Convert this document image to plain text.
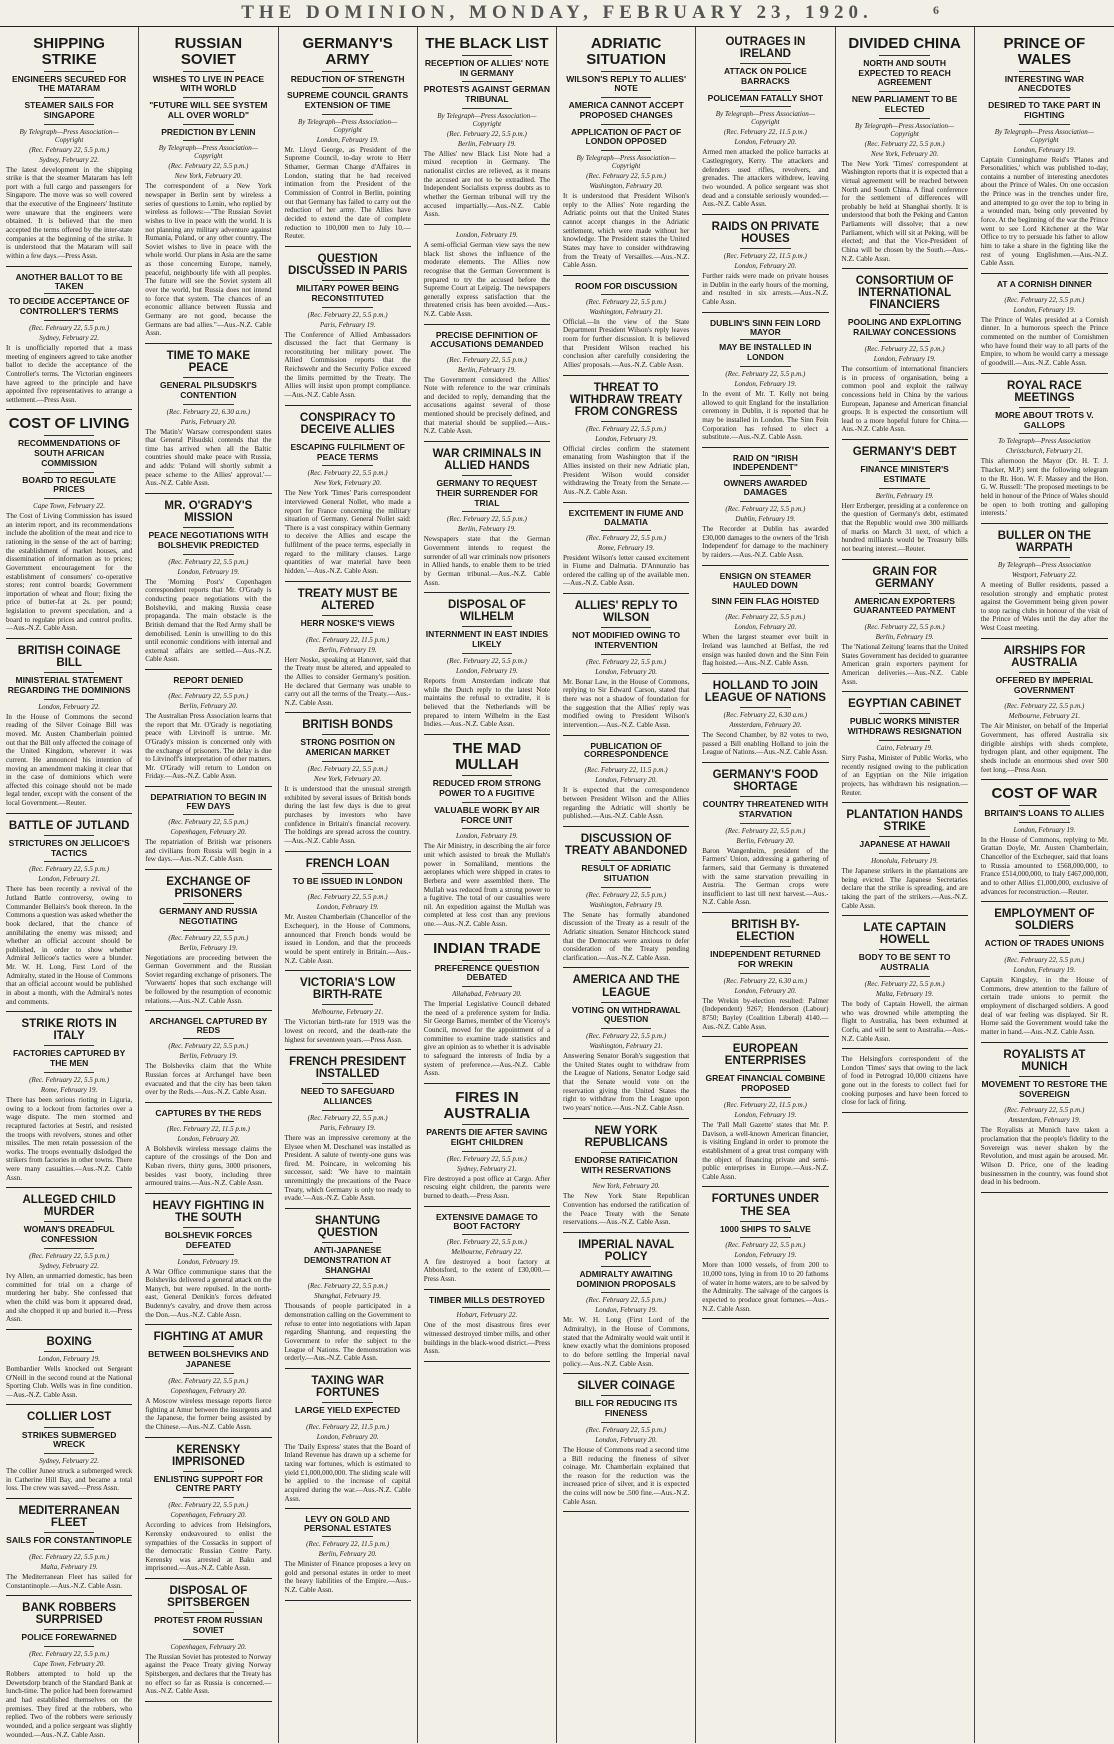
THE DOMINION, MONDAY, FEBRUARY 23, 1920.	6
SHIPPING STRIKE
ENGINEERS SECURED FOR THE MATARAM
STEAMER SAILS FOR SINGAPORE
By Telegraph—Press Association—Copyright
(Rec. February 22, 5.5 p.m.)
Sydney, February 22.

The latest development in the shipping strike is that the steamer Mataram has left port with a full cargo and passengers for Singapore. The move was so well covered that the executive of the Engineers' Institute were unaware that the engineers were obtained. It is believed that the men accepted the terms offered by the inter-state companies at the beginning of the strike. It is understood that the Mataram will sail within a few days.—Press Assn.

ANOTHER BALLOT TO BE TAKEN
TO DECIDE ACCEPTANCE OF CONTROLLER'S TERMS
(Rec. February 22, 5.5 p.m.)
Sydney, February 22.

It is unofficially reported that a mass meeting of engineers agreed to take another ballot to decide the acceptance of the Controller's terms. The Victorian engineers have agreed to the principle and have appointed five representatives to arrange a settlement.—Press Assn.

COST OF LIVING
RECOMMENDATIONS OF SOUTH AFRICAN COMMISSION
BOARD TO REGULATE PRICES
Cape Town, February 22.

The Cost of Living Commission has issued an interim report, and its recommendations include the abolition of the meat and rice to rationing in the sense of the act of barring; the establishment of market houses, and dissemination of information as to prices; Government encouragement for the establishment of consumers' co-operative stores; rent control boards; Government importation of wheat and flour; fixing the price of butter-fat at 2s. per pound; legislation to prevent speculation, and a board to regulate prices and control profits.—Aus.-N.Z. Cable Assn.

BRITISH COINAGE BILL
MINISTERIAL STATEMENT REGARDING THE DOMINIONS
London, February 22.

In the House of Commons the second reading of the Silver Coinage Bill was moved. Mr. Austen Chamberlain pointed out that the Bill only affected the coinage of the United Kingdom, wherever it was current. He announced his intention of moving an amendment making it clear that in the case of dominions which were affected this coinage should not be made legal tender, except with the consent of the local Government.—Reuter.

BATTLE OF JUTLAND
STRICTURES ON JELLICOE'S TACTICS
(Rec. February 22, 5.5 p.m.)
London, February 21.

There has been recently a revival of the Jutland Battle controversy, owing to Commander Bellairs's book thereon. In the Commons a question was asked whether the book declared, that the chance of annihilating the enemy was missed; and whether an official account should be published, in order to show whether Admiral Jellicoe's tactics were a blunder. Mr. W. H. Long, First Lord of the Admiralty, stated in the House of Commons that an official account would be published in about a month, with the Admiral's notes and comments.

STRIKE RIOTS IN ITALY
FACTORIES CAPTURED BY THE MEN
(Rec. February 22, 5.5 p.m.)
Rome, February 19.

There has been serious rioting in Liguria, owing to a lockout from factories over a wage dispute. The men stormed and recaptured factories at Sestri, and resisted the troops with revolvers, stones and other missiles. The men retain possession of the works. The troops eventually dislodged the strikers from factories in other towns. There were many casualties.—Aus.-N.Z. Cable Assn.

ALLEGED CHILD MURDER
WOMAN'S DREADFUL CONFESSION
(Rec. February 22, 5.5 p.m.)
Sydney, February 22.

Ivy Allen, an unmarried domestic, has been committed for trial on a charge of murdering her baby. She confessed that when the child was born it appeared dead, and she chopped it up and buried it.—Press Assn.

BOXING
London, February 19.

Bombardier Wells knocked out Sergeant O'Neill in the second round at the National Sporting Club. Wells was in fine condition.—Aus.-N.Z. Cable Assn.

COLLIER LOST
STRIKES SUBMERGED WRECK
Sydney, February 22.

The collier Junee struck a submerged wreck in Catherine Hill Bay, and became a total loss. The crew was saved.—Press Assn.

MEDITERRANEAN FLEET
SAILS FOR CONSTANTINOPLE
(Rec. February 22, 5.5 p.m.)
Malta, February 19.

The Mediterranean Fleet has sailed for Constantinople.—Aus.-N.Z. Cable Assn.

BANK ROBBERS SURPRISED
POLICE FOREWARNED
(Rec. February 22, 5.5 p.m.)
Cape Town, February 20.

Robbers attempted to hold up the Dewetsdorp branch of the Standard Bank at lunch-time. The police had been forewarned and had established themselves on the premises. They fired at the robbers, who replied. Two of the robbers were seriously wounded, and a police sergeant was slightly wounded.—Aus.-N.Z. Cable Assn.

RUSSIAN SOVIET
WISHES TO LIVE IN PEACE WITH WORLD
"FUTURE WILL SEE SYSTEM ALL OVER WORLD"
PREDICTION BY LENIN
By Telegraph—Press Association—Copyright
(Rec. February 22, 5.5 p.m.)
New York, February 20.

The correspondent of a New York newspaper in Berlin sent by wireless a series of questions to Lenin, who replied by wireless as follows:—"The Russian Soviet wishes to live in peace with the world. It is not planning any military adventure against Rumania, Poland, or any other country. The Soviet wishes to live in peace with the whole world. Our plans in Asia are the same as those concerning Europe, namely, peaceful, neighbourly life with all peoples. The future will see the Soviet system all over the world, but Russia does not intend to force that system. The chances of an economic alliance between Russia and Germany are not good, because the Germans are bad allies."—Aus.-N.Z. Cable Assn.

TIME TO MAKE PEACE
GENERAL PILSUDSKI'S CONTENTION
(Rec. February 22, 6.30 a.m.)
Paris, February 20.

The 'Matin's' Warsaw correspondent states that General Pilsudski contends that the time has arrived when all the Baltic countries should make peace with Russia, and adds: 'Poland will shortly submit a peace scheme to the Allies' approval.'—Aus.-N.Z. Cable Assn.

MR. O'GRADY'S MISSION
PEACE NEGOTIATIONS WITH BOLSHEVIK PREDICTED
(Rec. February 22, 5.5 p.m.)
London, February 19.

The 'Morning Post's' Copenhagen correspondent reports that Mr. O'Grady is conducting peace negotiations with the Bolsheviki, and making Russia cease propaganda. The main obstacle is the British demand that the Red Army shall be demobilised. Lenin is unwilling to do this until economic conditions with internal and external affairs are settled.—Aus.-N.Z. Cable Assn.

REPORT DENIED
(Rec. February 22, 5.5 p.m.)
Berlin, February 20.

The Australian Press Association learns that the report that Mr. O'Grady is negotiating peace with Litvinoff is untrue. Mr. O'Grady's mission is concerned only with the exchange of prisoners. The delay is due to Litvinoff's interpretation of other matters. Mr. O'Grady will return to London on Friday.—Aus.-N.Z. Cable Assn.

DEPATRIATION TO BEGIN IN FEW DAYS
(Rec. February 22, 5.5 p.m.)
Copenhagen, February 20.

The repatriation of British war prisoners and civilians from Russia will begin in a few days.—Aus.-N.Z. Cable Assn.

EXCHANGE OF PRISONERS
GERMANY AND RUSSIA NEGOTIATING
(Rec. February 22, 5.5 p.m.)
Berlin, February 19.

Negotiations are proceeding between the German Government and the Russian Soviet regarding exchange of prisoners. The 'Vorwaerts' hopes that such exchange will be followed by the resumption of economic relations.—Aus.-N.Z. Cable Assn.

ARCHANGEL CAPTURED BY REDS
(Rec. February 22, 5.5 p.m.)
Berlin, February 19.

The Bolsheviks claim that the White Russian forces at Archangel have been evacuated and that the city has been taken over by the Reds.—Aus.-N.Z. Cable Assn.

CAPTURES BY THE REDS
(Rec. February 22, 11.5 p.m.)
London, February 20.

A Bolshevik wireless message claims the capture of the crossings of the Don and Kuban rivers, thirty guns, 3000 prisoners, besides vast booty, including three armoured trains.—Aus.-N.Z. Cable Assn.

HEAVY FIGHTING IN THE SOUTH
BOLSHEVIK FORCES DEFEATED
London, February 19.

A War Office communique states that the Bolsheviks delivered a general attack on the Manych, but were repulsed. In the north-east, General Denikin's forces defeated Budenny's cavalry, and drove them across the Don.—Aus.-N.Z. Cable Assn.

FIGHTING AT AMUR
BETWEEN BOLSHEVIKS AND JAPANESE
(Rec. February 22, 5.5 p.m.)
Copenhagen, February 20.

A Moscow wireless message reports fierce fighting at Amur between the insurgents and the Japanese, the former being assisted by the Chinese.—Aus.-N.Z. Cable Assn.

KERENSKY IMPRISONED
ENLISTING SUPPORT FOR CENTRE PARTY
(Rec. February 22, 5.5 p.m.)
Copenhagen, February 20.

According to advices from Helsingfors, Kerensky endeavoured to enlist the sympathies of the Cossacks in support of the democratic Russian Centre Party. Kerensky was arrested at Baku and imprisoned.—Aus.-N.Z. Cable Assn.

DISPOSAL OF SPITSBERGEN
PROTEST FROM RUSSIAN SOVIET
Copenhagen, February 20.

The Russian Soviet has protested to Norway against the Peace Treaty giving Norway Spitsbergen, and declares that the Treaty has no effect so far as Russia is concerned.—Aus.-N.Z. Cable Assn.

GERMANY'S ARMY
REDUCTION OF STRENGTH
SUPREME COUNCIL GRANTS EXTENSION OF TIME
By Telegraph—Press Association—Copyright
London, February 19.

Mr. Lloyd George, as President of the Supreme Council, to-day wrote to Herr Sthamer, German Charge d'Affaires in London, stating that he had received intimation from the President of the Commission of Control in Berlin, pointing out that Germany has failed to carry out the reduction of her army. The Allies have decided to extend the date of complete reduction to 100,000 men to July 10.—Reuter.

QUESTION DISCUSSED IN PARIS
MILITARY POWER BEING RECONSTITUTED
(Rec. February 22, 5.5 p.m.)
Paris, February 19.

The Conference of Allied Ambassadors discussed the fact that Germany is reconstituting her military power. The Allied Commission reports that the Reichswehr and the Security Police exceed the limits permitted by the Treaty. The Allies will insist upon prompt compliance.—Aus.-N.Z. Cable Assn.

CONSPIRACY TO DECEIVE ALLIES
ESCAPING FULFILMENT OF PEACE TERMS
(Rec. February 22, 5.5 p.m.)
New York, February 20.

The New York 'Times' Paris correspondent interviewed General Nollet, who made a report for France concerning the military situation of Germany. General Nollet said: 'There is a vast conspiracy within Germany to deceive the Allies and escape the fulfilment of the peace terms, especially in regard to the military clauses. Large quantities of war material have been hidden.'—Aus.-N.Z. Cable Assn.

TREATY MUST BE ALTERED
HERR NOSKE'S VIEWS
(Rec. February 22, 11.5 p.m.)
Berlin, February 19.

Herr Noske, speaking at Hanover, said that the Treaty must be altered, and appealed to the Allies to consider Germany's position. He declared that Germany was unable to carry out all the terms of the Treaty.—Aus.-N.Z. Cable Assn.

BRITISH BONDS
STRONG POSITION ON AMERICAN MARKET
(Rec. February 22, 5.5 p.m.)
New York, February 20.

It is understood that the unusual strength exhibited by several issues of British bonds during the last few days is due to great purchases by investors who have confidence in Britain's financial recovery. The holdings are spread across the country.—Aus.-N.Z. Cable Assn.

FRENCH LOAN
TO BE ISSUED IN LONDON
(Rec. February 22, 5.5 p.m.)
London, February 19.

Mr. Austen Chamberlain (Chancellor of the Exchequer), in the House of Commons, announced that French bonds would be issued in London, and that the proceeds would be spent entirely in Britain.—Aus.-N.Z. Cable Assn.

VICTORIA'S LOW BIRTH-RATE
Melbourne, February 21.

The Victorian birth-rate for 1919 was the lowest on record, and the death-rate the highest for seventeen years.—Press Assn.

FRENCH PRESIDENT INSTALLED
NEED TO SAFEGUARD ALLIANCES
(Rec. February 22, 5.5 p.m.)
Paris, February 19.

There was an impressive ceremony at the Elysee when M. Deschanel was installed as President. A salute of twenty-one guns was fired. M. Poincare, in welcoming his successor, said: 'We have to maintain unremittingly the precautions of the Peace Treaty, which Germany is only too ready to evade.'—Aus.-N.Z. Cable Assn.

SHANTUNG QUESTION
ANTI-JAPANESE DEMONSTRATION AT SHANGHAI
(Rec. February 22, 5.5 p.m.)
Shanghai, February 19.

Thousands of people participated in a demonstration calling on the Government to refuse to enter into negotiations with Japan regarding Shantung, and requesting the Government to refer the subject to the League of Nations. The demonstration was orderly.—Aus.-N.Z. Cable Assn.

TAXING WAR FORTUNES
LARGE YIELD EXPECTED
(Rec. February 22, 11.5 p.m.)
London, February 20.

The 'Daily Express' states that the Board of Inland Revenue has drawn up a scheme for taxing war fortunes, which is estimated to yield £1,000,000,000. The sliding scale will be applied to the increase of capital acquired during the war.—Aus.-N.Z. Cable Assn.

LEVY ON GOLD AND PERSONAL ESTATES
(Rec. February 22, 11.5 p.m.)
Berlin, February 20.

The Minister of Finance proposes a levy on gold and personal estates in order to meet the heavy liabilities of the Empire.—Aus.-N.Z. Cable Assn.

THE BLACK LIST
RECEPTION OF ALLIES' NOTE IN GERMANY
PROTESTS AGAINST GERMAN TRIBUNAL
By Telegraph—Press Association—Copyright
(Rec. February 22, 5.5 p.m.)
Berlin, February 19.

The Allies' new Black List Note had a mixed reception in Germany. The nationalist circles are relieved, as it means the accused are not to be extradited. The Independent Socialists express doubts as to whether the German tribunal will try the accused impartially.—Aus.-N.Z. Cable Assn.

London, February 19.

A semi-official German view says the new black list shows the influence of the moderate elements. The Allies now recognise that the German Government is prepared to try the accused before the Supreme Court at Leipzig. The newspapers generally express satisfaction that the threatened crisis has been avoided.—Aus.-N.Z. Cable Assn.

PRECISE DEFINITION OF ACCUSATIONS DEMANDED
(Rec. February 22, 5.5 p.m.)
Berlin, February 19.

The Government considered the Allies' Note with reference to the war criminals and decided to reply, demanding that the accusations against several of those mentioned should be precisely defined, and that material should be supplied.—Aus.-N.Z. Cable Assn.

WAR CRIMINALS IN ALLIED HANDS
GERMANY TO REQUEST THEIR SURRENDER FOR TRIAL
(Rec. February 22, 5.5 p.m.)
Berlin, February 19.

Newspapers state that the German Government intends to request the surrender of all war criminals now prisoners in Allied hands, to enable them to be tried by German tribunal.—Aus.-N.Z. Cable Assn.

DISPOSAL OF WILHELM
INTERNMENT IN EAST INDIES LIKELY
(Rec. February 22, 5.5 p.m.)
London, February 19.

Reports from Amsterdam indicate that while the Dutch reply to the latest Note maintains the refusal to extradite, it is believed that the Netherlands will be prepared to intern Wilhelm in the East Indies.—Aus.-N.Z. Cable Assn.

THE MAD MULLAH
REDUCED FROM STRONG POWER TO A FUGITIVE
VALUABLE WORK BY AIR FORCE UNIT
London, February 19.

The Air Ministry, in describing the air force unit which assisted to break the Mullah's power in Somaliland, mentions the aeroplanes which were shipped in crates to Berbera and were assembled there. The Mullah was reduced from a strong power to a fugitive. The total of our casualties were nil. An expedition against the Mullah was completed at less cost than any previous one.—Aus.-N.Z. Cable Assn.

INDIAN TRADE
PREFERENCE QUESTION DEBATED
Allahabad, February 20.

The Imperial Legislative Council debated the need of a preference system for India. Sir George Barnes, member of the Viceroy's Council, moved for the appointment of a committee to examine trade statistics and give an opinion as to whether it is advisable to safeguard the interests of India by a system of preference.—Aus.-N.Z. Cable Assn.

FIRES IN AUSTRALIA
PARENTS DIE AFTER SAVING EIGHT CHILDREN
(Rec. February 22, 5.5 p.m.)
Sydney, February 21.

Fire destroyed a post office at Cargo. After rescuing eight children, the parents were burned to death.—Press Assn.

EXTENSIVE DAMAGE TO BOOT FACTORY
(Rec. February 22, 5.5 p.m.)
Melbourne, February 22.

A fire destroyed a boot factory at Abbotsford, to the extent of £30,000.—Press Assn.

TIMBER MILLS DESTROYED
Hobart, February 22.

One of the most disastrous fires ever witnessed destroyed timber mills, and other buildings in the black-wood district.—Press Assn.

ADRIATIC SITUATION
WILSON'S REPLY TO ALLIES' NOTE
AMERICA CANNOT ACCEPT PROPOSED CHANGES
APPLICATION OF PACT OF LONDON OPPOSED
By Telegraph—Press Association—Copyright
(Rec. February 22, 5.5 p.m.)
Washington, February 20.

It is understood that President Wilson's reply to the Allies' Note regarding the Adriatic points out that the United States cannot accept changes in the Adriatic settlement, which were made without her knowledge. The President states the United States may have to consider withdrawing from the Treaty of Versailles.—Aus.-N.Z. Cable Assn.

ROOM FOR DISCUSSION
(Rec. February 22, 5.5 p.m.)
Washington, February 21.

Official.—In the view of the State Department President Wilson's reply leaves room for further discussion. It is believed that President Wilson reached his conclusion after carefully considering the Allies' proposals.—Aus.-N.Z. Cable Assn.

THREAT TO WITHDRAW TREATY FROM CONGRESS
(Rec. February 22, 5.5 p.m.)
London, February 19.

Official circles confirm the statement emanating from Washington that if the Allies insisted on their new Adriatic plan, President Wilson would consider withdrawing the Treaty from the Senate.—Aus.-N.Z. Cable Assn.

EXCITEMENT IN FIUME AND DALMATIA
(Rec. February 22, 5.5 p.m.)
Rome, February 19.

President Wilson's letter caused excitement in Fiume and Dalmatia. D'Annunzio has ordered the calling up of the available men.—Aus.-N.Z. Cable Assn.

ALLIES' REPLY TO WILSON
NOT MODIFIED OWING TO INTERVENTION
(Rec. February 22, 5.5 p.m.)
London, February 20.

Mr. Bonar Law, in the House of Commons, replying to Sir Edward Carson, stated that there was not a shadow of foundation for the suggestion that the Allies' reply was modified owing to President Wilson's intervention.—Aus.-N.Z. Cable Assn.

PUBLICATION OF CORRESPONDENCE
(Rec. February 22, 11.5 p.m.)
London, February 20.

It is expected that the correspondence between President Wilson and the Allies regarding the Adriatic will shortly be published.—Aus.-N.Z. Cable Assn.

DISCUSSION OF TREATY ABANDONED
RESULT OF ADRIATIC SITUATION
(Rec. February 22, 5.5 p.m.)
Washington, February 19.

The Senate has formally abandoned discussion of the Treaty as a result of the Adriatic situation. Senator Hitchcock stated that the Democrats were anxious to defer consideration of the Treaty pending clarification.—Aus.-N.Z. Cable Assn.

AMERICA AND THE LEAGUE
VOTING ON WITHDRAWAL QUESTION
(Rec. February 22, 5.5 p.m.)
Washington, February 21.

Answering Senator Borah's suggestion that the United States ought to withdraw from the League of Nations, Senator Lodge said that the Senate would vote on the reservation giving the United States the right to withdraw from the League upon two years' notice.—Aus.-N.Z. Cable Assn.

NEW YORK REPUBLICANS
ENDORSE RATIFICATION WITH RESERVATIONS
New York, February 20.

The New York State Republican Convention has endorsed the ratification of the Peace Treaty with the Senate reservations.—Aus.-N.Z. Cable Assn.

IMPERIAL NAVAL POLICY
ADMIRALTY AWAITING DOMINION PROPOSALS
(Rec. February 22, 5.5 p.m.)
London, February 19.

Mr. W. H. Long (First Lord of the Admiralty), in the House of Commons, stated that the Admiralty would wait until it knew exactly what the dominions proposed to do before settling the Imperial naval policy.—Aus.-N.Z. Cable Assn.

SILVER COINAGE
BILL FOR REDUCING ITS FINENESS
(Rec. February 22, 5.5 p.m.)
London, February 20.

The House of Commons read a second time a Bill reducing the fineness of silver coinage. Mr. Chamberlain explained that the reason for the reduction was the increased price of silver, and it is expected the coins will now be .500 fine.—Aus.-N.Z. Cable Assn.

OUTRAGES IN IRELAND
ATTACK ON POLICE BARRACKS
POLICEMAN FATALLY SHOT
By Telegraph—Press Association—Copyright
(Rec. February 22, 11.5 p.m.)
London, February 20.

Armed men attacked the police barracks at Castlegregory, Kerry. The attackers and defenders used rifles, revolvers, and grenades. The attackers withdrew, leaving two wounded. A police sergeant was shot dead and a constable seriously wounded.—Aus.-N.Z. Cable Assn.

RAIDS ON PRIVATE HOUSES
(Rec. February 22, 11.5 p.m.)
London, February 20.

Further raids were made on private houses in Dublin in the early hours of the morning, and resulted in six arrests.—Aus.-N.Z. Cable Assn.

DUBLIN'S SINN FEIN LORD MAYOR
MAY BE INSTALLED IN LONDON
(Rec. February 22, 5.5 p.m.)
London, February 19.

In the event of Mr. T. Kelly not being allowed to quit England for the installation ceremony in Dublin, it is reported that he may be installed in London. The Sinn Fein Corporation has refused to elect a substitute.—Aus.-N.Z. Cable Assn.

RAID ON "IRISH INDEPENDENT"
OWNERS AWARDED DAMAGES
(Rec. February 22, 5.5 p.m.)
Dublin, February 19.

The Recorder at Dublin has awarded £30,000 damages to the owners of the 'Irish Independent' for damage to the machinery by raiders.—Aus.-N.Z. Cable Assn.

ENSIGN ON STEAMER HAULED DOWN
SINN FEIN FLAG HOISTED
(Rec. February 22, 5.5 p.m.)
London, February 20.

When the largest steamer ever built in Ireland was launched at Belfast, the red ensign was hauled down and the Sinn Fein flag hoisted.—Aus.-N.Z. Cable Assn.

HOLLAND TO JOIN LEAGUE OF NATIONS
(Rec. February 22, 6.30 a.m.)
Amsterdam, February 20.

The Second Chamber, by 82 votes to two, passed a Bill enabling Holland to join the League of Nations.—Aus.-N.Z. Cable Assn.

GERMANY'S FOOD SHORTAGE
COUNTRY THREATENED WITH STARVATION
(Rec. February 22, 5.5 p.m.)
Berlin, February 20.

Baron Wangenheim, president of the Farmers' Union, addressing a gathering of farmers, said that Germany is threatened with the same starvation prevailing in Austria. The German crops were insufficient to last till next harvest.—Aus.-N.Z. Cable Assn.

BRITISH BY-ELECTION
INDEPENDENT RETURNED FOR WREKIN
(Rec. February 22, 6.30 a.m.)
London, February 20.

The Wrekin by-election resulted: Palmer (Independent) 9267; Henderson (Labour) 8750; Bayley (Coalition Liberal) 4140.—Aus.-N.Z. Cable Assn.

EUROPEAN ENTERPRISES
GREAT FINANCIAL COMBINE PROPOSED
(Rec. February 22, 11.5 p.m.)
London, February 19.

The 'Pall Mall Gazette' states that Mr. P. Davison, a well-known American financier, is visiting England in order to promote the establishment of a great trust company with the object of financing private and semi-public enterprises in Europe.—Aus.-N.Z. Cable Assn.

FORTUNES UNDER THE SEA
1000 SHIPS TO SALVE
(Rec. February 22, 5.5 p.m.)
London, February 19.

More than 1000 vessels, of from 200 to 10,000 tons, lying in from 10 to 20 fathoms of water in home waters, are to be salved by the Admiralty. The salvage of the cargoes is expected to produce great fortunes.—Aus.-N.Z. Cable Assn.

DIVIDED CHINA
NORTH AND SOUTH EXPECTED TO REACH AGREEMENT
NEW PARLIAMENT TO BE ELECTED
By Telegraph—Press Association—Copyright
(Rec. February 22, 5.5 p.m.)
New York, February 20.

The New York 'Times' correspondent at Washington reports that it is expected that a virtual agreement will be reached between North and South China. A final conference for the settlement of differences will probably be held at Shanghai shortly. It is understood that both the Peking and Canton Parliaments will dissolve; that a new Parliament, which will sit at Peking, will be elected; and that the Vice-President of China will be chosen by the South.—Aus.-N.Z. Cable Assn.

CONSORTIUM OF INTERNATIONAL FINANCIERS
POOLING AND EXPLOITING RAILWAY CONCESSIONS
(Rec. February 22, 5.5 p.m.)
London, February 19.

The consortium of international financiers is in process of organisation, being a common pool and exploit the railway concessions held in China by the various European, Japanese and American financial groups. It is expected the consortium will lead to a more hopeful future for China.—Aus.-N.Z. Cable Assn.

GERMANY'S DEBT
FINANCE MINISTER'S ESTIMATE
Berlin, February 19.

Herr Erzberger, presiding at a conference on the question of Germany's debt, estimated that the Republic would owe 300 milliards of marks on March 31 next, of which a hundred milliards would be Treasury bills not bearing interest.—Reuter.

GRAIN FOR GERMANY
AMERICAN EXPORTERS GUARANTEED PAYMENT
(Rec. February 22, 5.5 p.m.)
Berlin, February 19.

The 'National Zeitung' learns that the United States Government has decided to guarantee American grain exporters payment for American deliveries.—Aus.-N.Z. Cable Assn.

EGYPTIAN CABINET
PUBLIC WORKS MINISTER WITHDRAWS RESIGNATION
Cairo, February 19.

Sirry Pasha, Minister of Public Works, who recently resigned owing to the publication of an Egyptian on the Nile irrigation projects, has withdrawn his resignation.—Reuter.

PLANTATION HANDS STRIKE
JAPANESE AT HAWAII
Honolulu, February 19.

The Japanese strikers in the plantations are being evicted. The Japanese Secretaries declare that the strike is spreading, and are taking the part of the strikers.—Aus.-N.Z. Cable Assn.

LATE CAPTAIN HOWELL
BODY TO BE SENT TO AUSTRALIA
(Rec. February 22, 5.5 p.m.)
Malta, February 19.

The body of Captain Howell, the airman who was drowned while attempting the flight to Australia, has been exhumed at Corfu, and will be sent to Australia.—Aus.-N.Z. Cable Assn.

The Helsingfors correspondent of the London 'Times' says that owing to the lack of food in Petrograd 10,000 citizens have gone out in the forests to collect fuel for cooking purposes and have been forced to close for lack of firing.

PRINCE OF WALES
INTERESTING WAR ANECDOTES
DESIRED TO TAKE PART IN FIGHTING
By Telegraph—Press Association—Copyright
London, February 19.

Captain Cunninghame Reid's 'Planes and Personalities,' which was published to-day, contains a number of interesting anecdotes about the Prince of Wales. On one occasion the Prince was in the trenches under fire, and attempted to go over the top to bring in a wounded man, being only prevented by force. At the beginning of the war the Prince went to see Lord Kitchener at the War Office to try to persuade his father to allow him to take a share in the fighting like the rest of young Englishmen.—Aus.-N.Z. Cable Assn.

AT A CORNISH DINNER
(Rec. February 22, 5.5 p.m.)
London, February 19.

The Prince of Wales presided at a Cornish dinner. In a humorous speech the Prince commented on the number of Cornishmen who have found their way to all parts of the Empire, to whom he would carry a message of goodwill.—Aus.-N.Z. Cable Assn.

ROYAL RACE MEETINGS
MORE ABOUT TROTS V. GALLOPS
To Telegraph—Press Association
Christchurch, February 21.

This afternoon the Mayor (Dr. H. T. J. Thacker, M.P.) sent the following telegram to the Rt. Hon. W. F. Massey and the Hon. G. W. Russell: 'The proposed meetings to be held in honour of the Prince of Wales should be open to both trotting and galloping interests.'

BULLER ON THE WARPATH
By Telegraph—Press Association
Westport, February 22.

A meeting of Buller residents, passed a resolution strongly and emphatic protest against the Government being given power to stop racing clubs in honour of the visit of the Prince of Wales until the day after the West Coast meeting.

AIRSHIPS FOR AUSTRALIA
OFFERED BY IMPERIAL GOVERNMENT
(Rec. February 22, 5.5 p.m.)
Melbourne, February 21.

The Air Minister, on behalf of the Imperial Government, has offered Australia six dirigible airships with sheds complete, hydrogen plant, and other equipment. The sheds include an enormous shed over 500 feet long.—Press Assn.

COST OF WAR
BRITAIN'S LOANS TO ALLIES
London, February 19.

In the House of Commons, replying to Mr. Grattan Doyle, Mr. Austen Chamberlain, Chancellor of the Exchequer, said that loans to Russia amounted to £568,000,000, to France £514,000,000, to Italy £467,000,000, and to other Allies £1,000,000, exclusive of advances for reconstruction.—Reuter.

EMPLOYMENT OF SOLDIERS
ACTION OF TRADES UNIONS
(Rec. February 22, 5.5 p.m.)
London, February 19.

Captain Kingsley, in the House of Commons, drew attention to the failure of certain trade unions to permit the employment of discharged soldiers. A good deal of war feeling was displayed. Sir R. Horne said the Government would take the matter in hand.—Aus.-N.Z. Cable Assn.

ROYALISTS AT MUNICH
MOVEMENT TO RESTORE THE SOVEREIGN
(Rec. February 22, 5.5 p.m.)
Amsterdam, February 19.

The Royalists at Munich have taken a proclamation that the people's fidelity to the Sovereign was never shaken by the Revolution, and must again be aroused. Mr. Wilson D. Price, one of the leading businessmen in the country, was found shot dead in his bedroom.
